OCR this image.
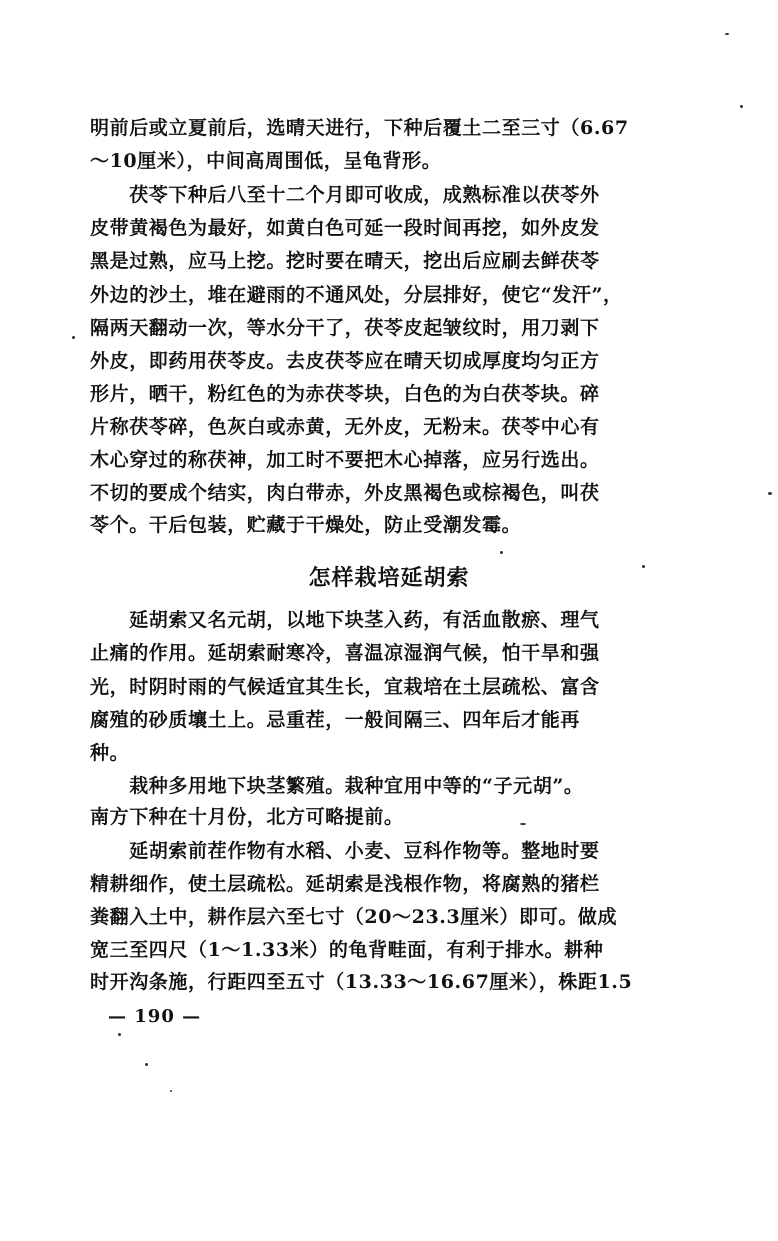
明前后或立夏前后，选晴天进行，下种后覆土二至三寸（6.67
～10厘米），中间高周围低，呈龟背形。
　　茯苓下种后八至十二个月即可收成，成熟标准以茯苓外
皮带黄褐色为最好，如黄白色可延一段时间再挖，如外皮发
黑是过熟，应马上挖。挖时要在晴天，挖出后应刷去鲜茯苓
外边的沙土，堆在避雨的不通风处，分层排好，使它“发汗”，
隔两天翻动一次，等水分干了，茯苓皮起皱纹时，用刀剥下
外皮，即药用茯苓皮。去皮茯苓应在晴天切成厚度均匀正方
形片，晒干，粉红色的为赤茯苓块，白色的为白茯苓块。碎
片称茯苓碎，色灰白或赤黄，无外皮，无粉末。茯苓中心有
木心穿过的称茯神，加工时不要把木心掉落，应另行选出。
不切的要成个结实，肉白带赤，外皮黑褐色或棕褐色，叫茯
苓个。干后包装，贮藏于干燥处，防止受潮发霉。
怎样栽培延胡索
　　延胡索又名元胡，以地下块茎入药，有活血散瘀、理气
止痛的作用。延胡索耐寒冷，喜温凉湿润气候，怕干旱和强
光，时阴时雨的气候适宜其生长，宜栽培在土层疏松、富含
腐殖的砂质壤土上。忌重茬，一般间隔三、四年后才能再
种。
　　栽种多用地下块茎繁殖。栽种宜用中等的“子元胡”。
南方下种在十月份，北方可略提前。
　　延胡索前茬作物有水稻、小麦、豆科作物等。整地时要
精耕细作，使土层疏松。延胡索是浅根作物，将腐熟的猪栏
粪翻入土中，耕作层六至七寸（20～23.3厘米）即可。做成
宽三至四尺（1～1.33米）的龟背畦面，有利于排水。耕种
时开沟条施，行距四至五寸（13.33～16.67厘米），株距1.5
— 190 —
